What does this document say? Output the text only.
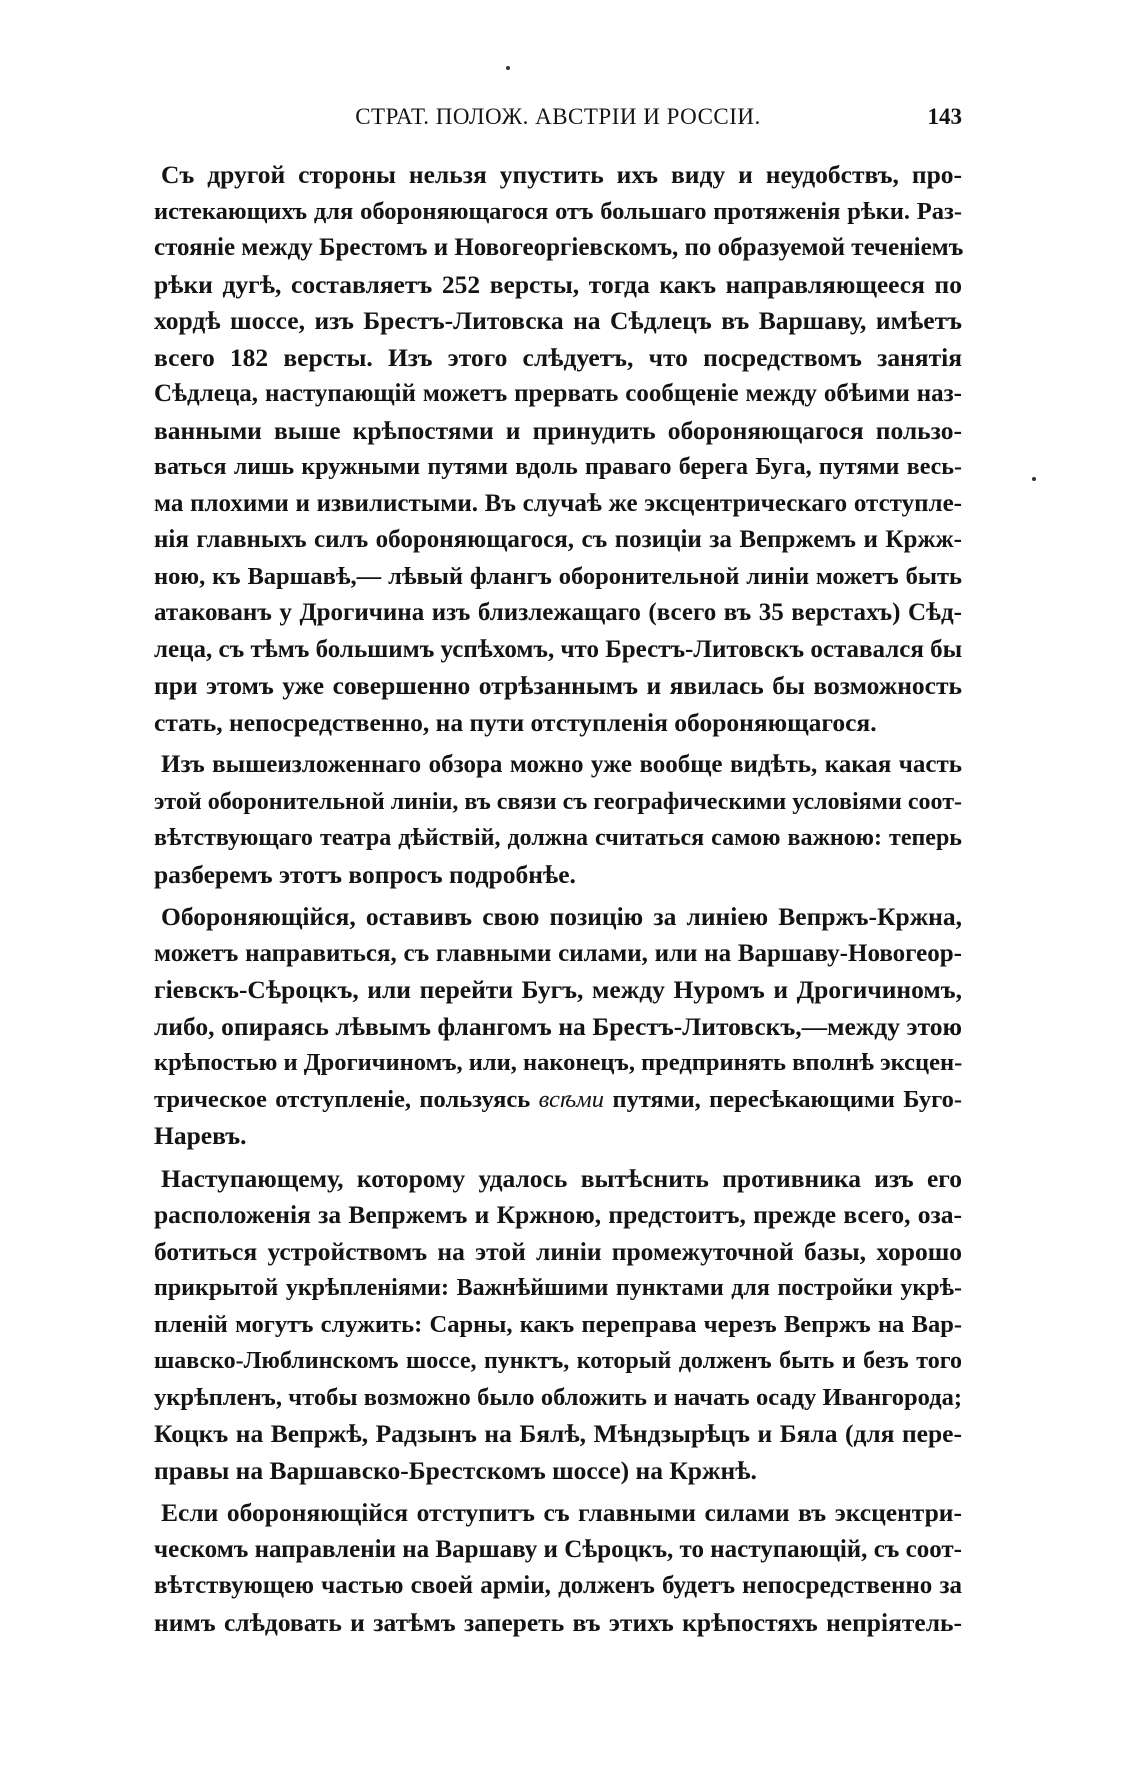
СТРАТ. ПОЛОЖ. АВСТРІИ И РОССІИ.	143
Съ другой стороны нельзя упустить ихъ виду и неудобствъ, про-
истекающихъ для обороняющагося отъ большаго протяженія рѣки. Раз-
стояніе между Брестомъ и Новогеоргіевскомъ, по образуемой теченіемъ
рѣки дугѣ, составляетъ 252 версты, тогда какъ направляющееся по
хордѣ шоссе, изъ Брестъ-Литовска на Сѣдлецъ въ Варшаву, имѣетъ
всего 182 версты. Изъ этого слѣдуетъ, что посредствомъ занятія
Сѣдлеца, наступающій можетъ прервать сообщеніе между обѣими наз-
ванными выше крѣпостями и принудить обороняющагося пользо-
ваться лишь кружными путями вдоль праваго берега Буга, путями весь-
ма плохими и извилистыми. Въ случаѣ же эксцентрическаго отступле-
нія главныхъ силъ обороняющагося, съ позиціи за Вепржемъ и Кржж-
ною, къ Варшавѣ,— лѣвый флангъ оборонительной линіи можетъ быть
атакованъ у Дрогичина изъ близлежащаго (всего въ 35 верстахъ) Сѣд-
леца, съ тѣмъ большимъ успѣхомъ, что Брестъ-Литовскъ оставался бы
при этомъ уже совершенно отрѣзаннымъ и явилась бы возможность
стать, непосредственно, на пути отступленія обороняющагося.
Изъ вышеизложеннаго обзора можно уже вообще видѣть, какая часть
этой оборонительной линіи, въ связи съ географическими условіями соот-
вѣтствующаго театра дѣйствій, должна считаться самою важною: теперь
разберемъ этотъ вопросъ подробнѣе.
Обороняющійся, оставивъ свою позицію за линіею Вепржъ-Кржна,
можетъ направиться, съ главными силами, или на Варшаву-Новогеор-
гіевскъ-Сѣроцкъ, или перейти Бугъ, между Нуромъ и Дрогичиномъ,
либо, опираясь лѣвымъ флангомъ на Брестъ-Литовскъ,—между этою
крѣпостью и Дрогичиномъ, или, наконецъ, предпринять вполнѣ эксцен-
трическое отступленіе, пользуясь всѣми путями, пересѣкающими Буго-
Наревъ.
Наступающему, которому удалось вытѣснить противника изъ его
расположенія за Вепржемъ и Кржною, предстоитъ, прежде всего, оза-
ботиться устройствомъ на этой линіи промежуточной базы, хорошо
прикрытой укрѣпленіями: Важнѣйшими пунктами для постройки укрѣ-
пленій могутъ служить: Сарны, какъ переправа черезъ Вепржъ на Вар-
шавско-Люблинскомъ шоссе, пунктъ, который долженъ быть и безъ того
укрѣпленъ, чтобы возможно было обложить и начать осаду Ивангорода;
Коцкъ на Вепржѣ, Радзынъ на Бялѣ, Мѣндзырѣцъ и Бяла (для пере-
правы на Варшавско-Брестскомъ шоссе) на Кржнѣ.
Если обороняющійся отступитъ съ главными силами въ эксцентри-
ческомъ направленіи на Варшаву и Сѣроцкъ, то наступающій, съ соот-
вѣтствующею частью своей арміи, долженъ будетъ непосредственно за
нимъ слѣдовать и затѣмъ запереть въ этихъ крѣпостяхъ непріятель-
